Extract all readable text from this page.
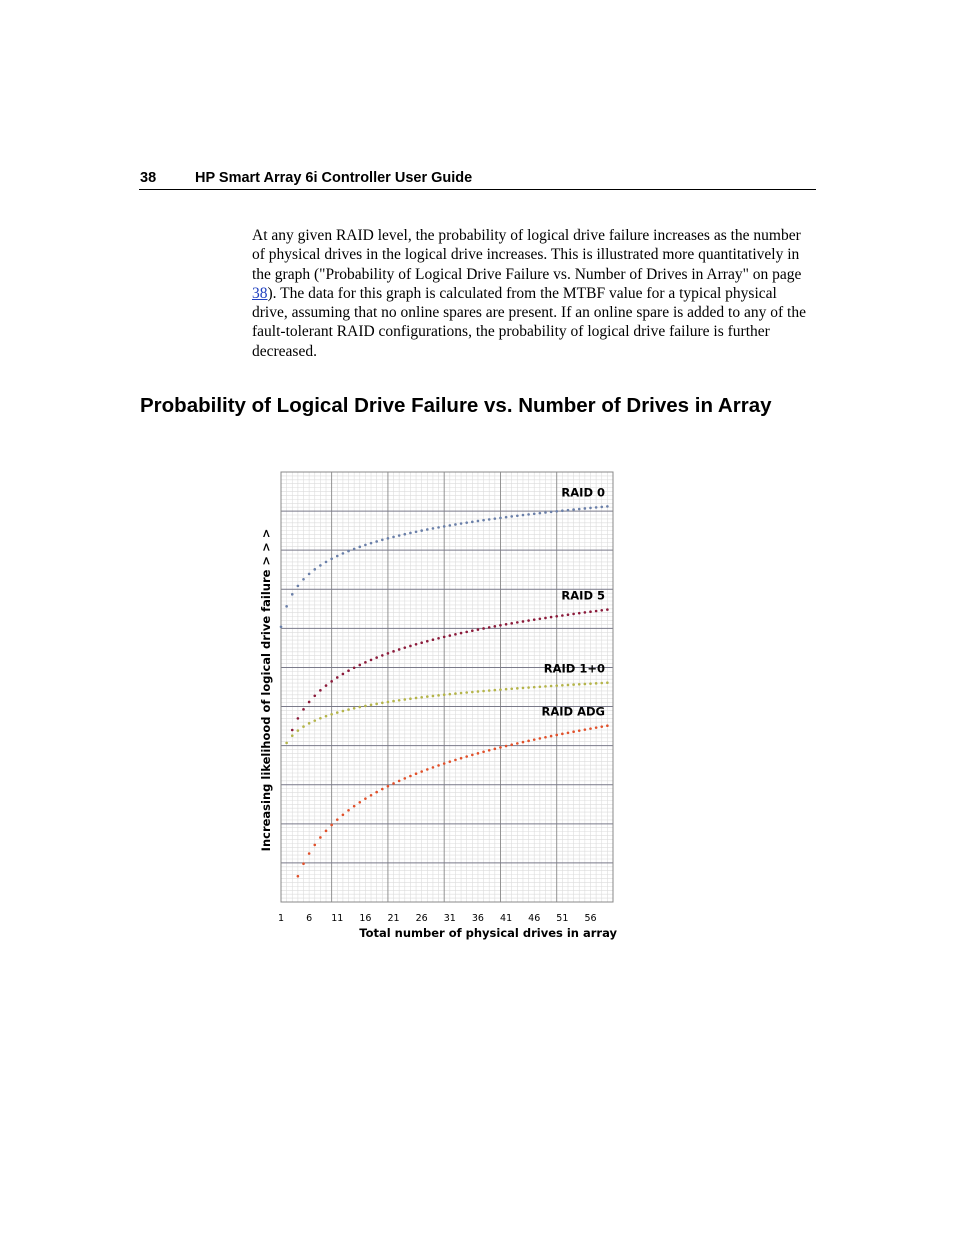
38	HP Smart Array 6i Controller User Guide
At any given RAID level, the probability of logical drive failure increases as the number of physical drives in the logical drive increases. This is illustrated more quantitatively in the graph ("Probability of Logical Drive Failure vs. Number of Drives in Array" on page 38). The data for this graph is calculated from the MTBF value for a typical physical drive, assuming that no online spares are present. If an online spare is added to any of the fault-tolerant RAID configurations, the probability of logical drive failure is further decreased.
Probability of Logical Drive Failure vs. Number of Drives in Array
RAID 0
RAID 5
RAID 1+0
RAID ADG
1 6 11 16 21 26 31 36 41 46 51 56
Total number of physical drives in array
Increasing likelihood of logical drive failure > > >
